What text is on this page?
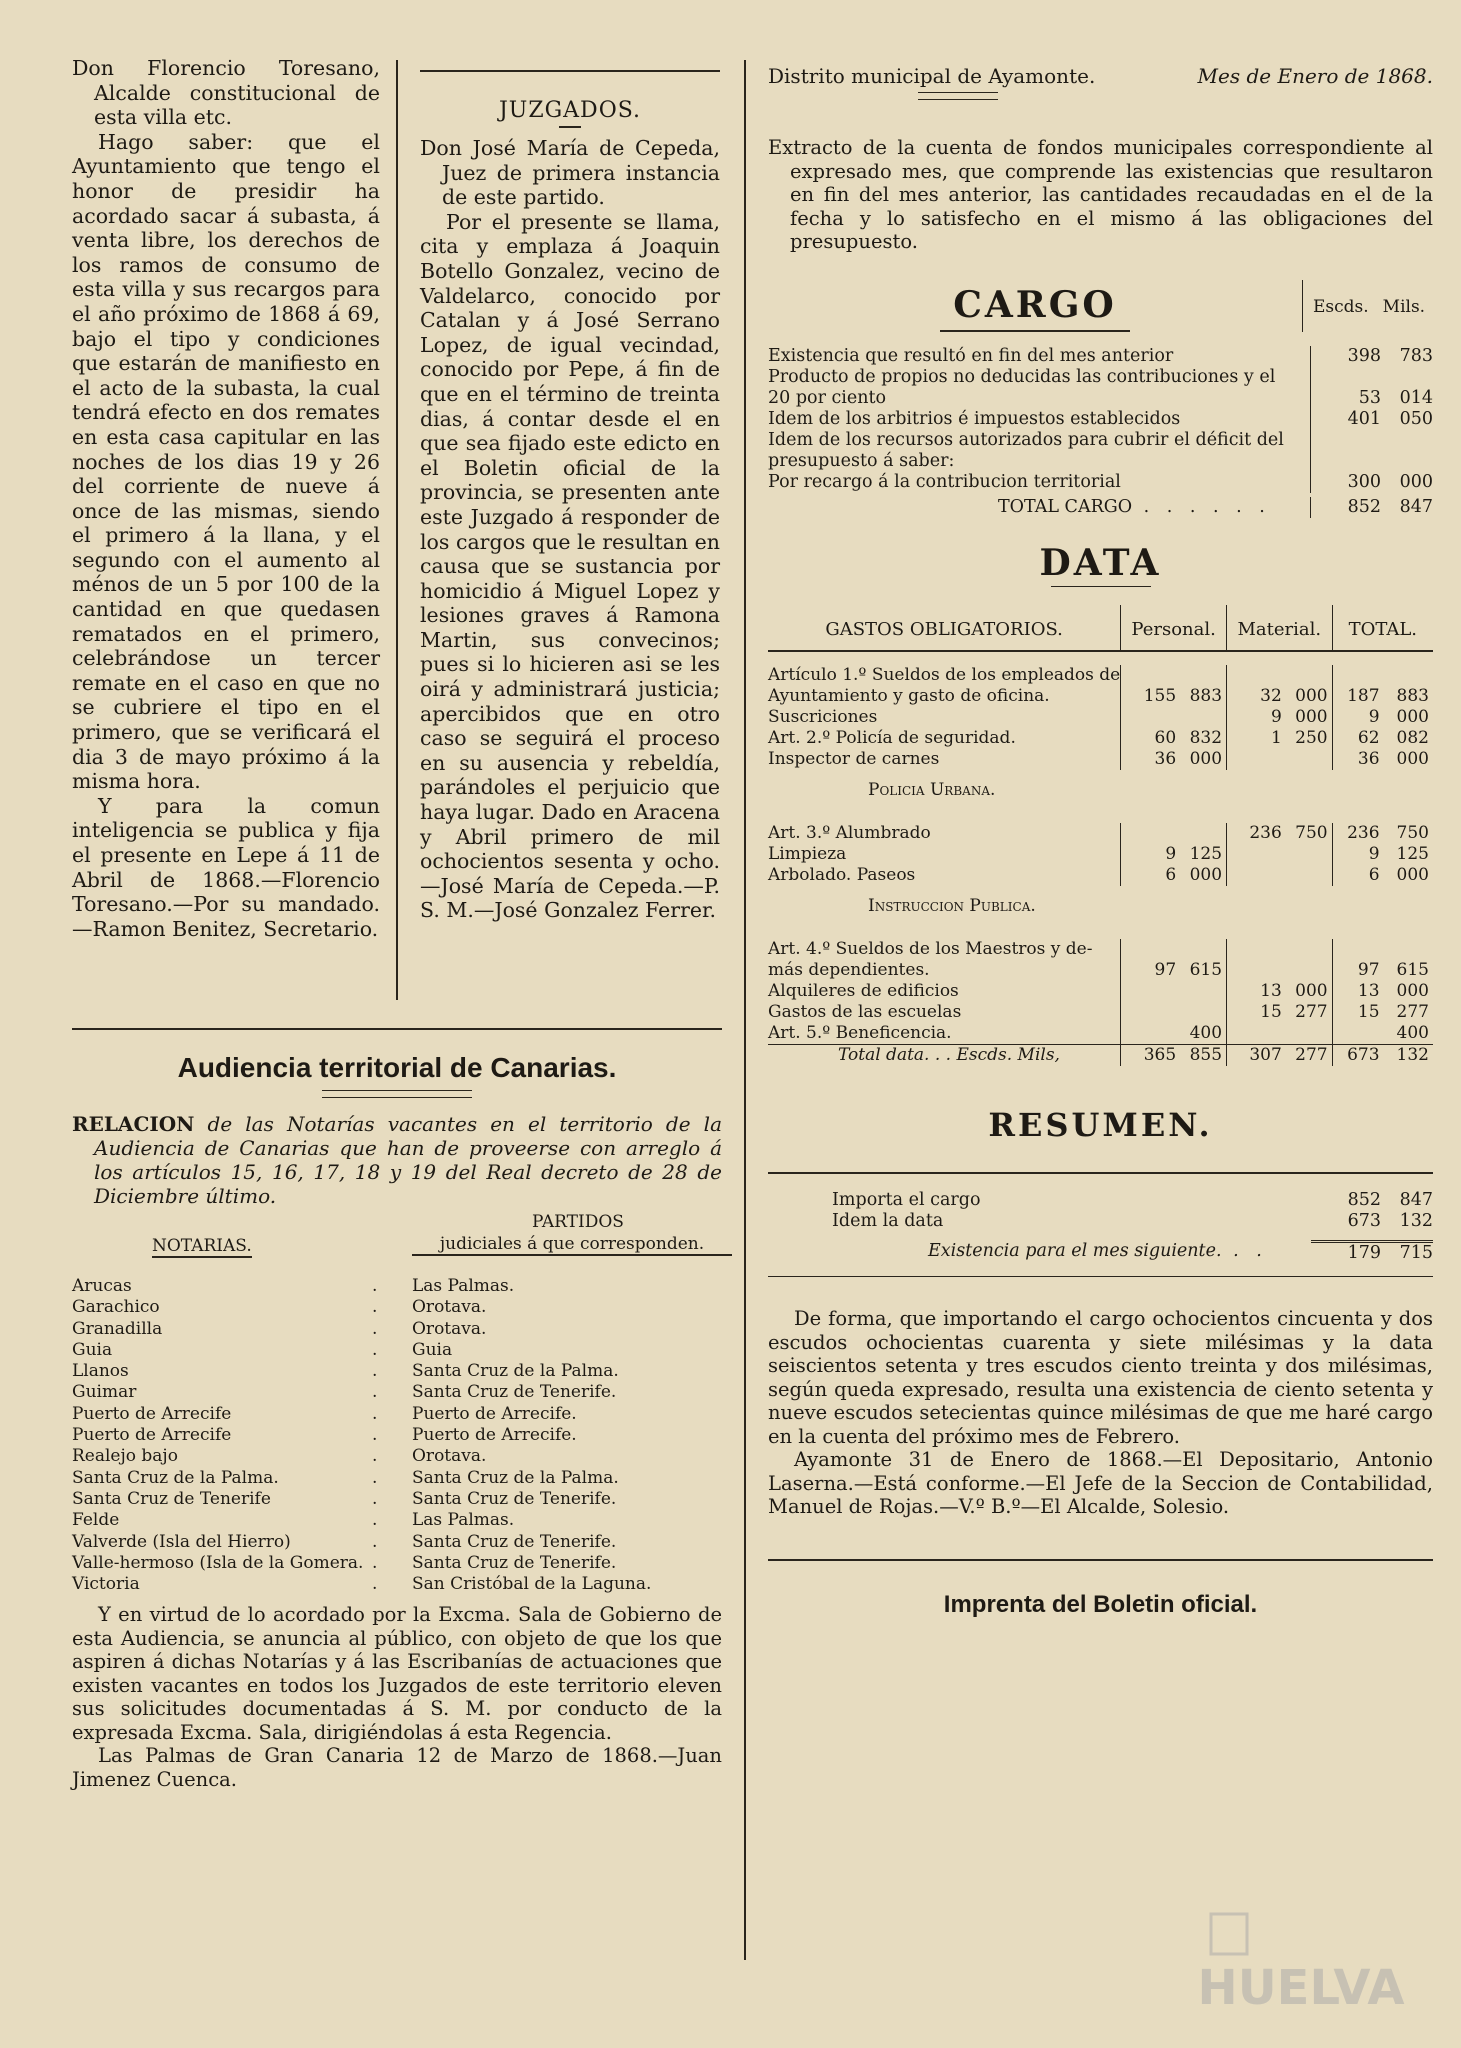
Don Florencio Toresano, Alcalde constitucional de esta villa etc.

Hago saber: que el Ayuntamiento que tengo el honor de presidir ha acordado sacar á subasta, á venta libre, los derechos de los ramos de consumo de esta villa y sus recargos para el año próximo de 1868 á 69, bajo el tipo y condiciones que estarán de manifiesto en el acto de la subasta, la cual tendrá efecto en dos remates en esta casa capitular en las noches de los dias 19 y 26 del corriente de nueve á once de las mismas, siendo el primero á la llana, y el segundo con el aumento al ménos de un 5 por 100 de la cantidad en que quedasen rematados en el primero, celebrándose un tercer remate en el caso en que no se cubriere el tipo en el primero, que se verificará el dia 3 de mayo próximo á la misma hora.

Y para la comun inteligencia se publica y fija el presente en Lepe á 11 de Abril de 1868.—Florencio Toresano.—Por su mandado.—Ramon Benitez, Secretario.

JUZGADOS.

Don José María de Cepeda, Juez de primera instancia de este partido.

Por el presente se llama, cita y emplaza á Joaquin Botello Gonzalez, vecino de Valdelarco, conocido por Catalan y á José Serrano Lopez, de igual vecindad, conocido por Pepe, á fin de que en el término de treinta dias, á contar desde el en que sea fijado este edicto en el Boletin oficial de la provincia, se presenten ante este Juzgado á responder de los cargos que le resultan en causa que se sustancia por homicidio á Miguel Lopez y lesiones graves á Ramona Martin, sus convecinos; pues si lo hicieren asi se les oirá y administrará justicia; apercibidos que en otro caso se seguirá el proceso en su ausencia y rebeldía, parándoles el perjuicio que haya lugar. Dado en Aracena y Abril primero de mil ochocientos sesenta y ocho.—José María de Cepeda.—P. S. M.—José Gonzalez Ferrer.

Audiencia territorial de Canarias.

RELACION de las Notarías vacantes en el territorio de la Audiencia de Canarias que han de proveerse con arreglo á los artículos 15, 16, 17, 18 y 19 del Real decreto de 28 de Diciembre último.

NOTARIAS.
PARTIDOS
judiciales á que corresponden.
Arucas	.	Las Palmas.
Garachico	.	Orotava.
Granadilla	.	Orotava.
Guia	.	Guia
Llanos	.	Santa Cruz de la Palma.
Guimar	.	Santa Cruz de Tenerife.
Puerto de Arrecife	.	Puerto de Arrecife.
Puerto de Arrecife	.	Puerto de Arrecife.
Realejo bajo	.	Orotava.
Santa Cruz de la Palma.	.	Santa Cruz de la Palma.
Santa Cruz de Tenerife	.	Santa Cruz de Tenerife.
Felde	.	Las Palmas.
Valverde (Isla del Hierro)	.	Santa Cruz de Tenerife.
Valle-hermoso (Isla de la Gomera.	.	Santa Cruz de Tenerife.
Victoria	.	San Cristóbal de la Laguna.

Y en virtud de lo acordado por la Excma. Sala de Gobierno de esta Audiencia, se anuncia al público, con objeto de que los que aspiren á dichas Notarías y á las Escribanías de actuaciones que existen vacantes en todos los Juzgados de este territorio eleven sus solicitudes documentadas á S. M. por conducto de la expresada Excma. Sala, dirigiéndolas á esta Regencia.

Las Palmas de Gran Canaria 12 de Marzo de 1868.—Juan Jimenez Cuenca.

Distrito municipal de Ayamonte.	Mes de Enero de 1868.

Extracto de la cuenta de fondos municipales correspondiente al expresado mes, que comprende las existencias que resultaron en fin del mes anterior, las cantidades recaudadas en el de la fecha y lo satisfecho en el mismo á las obligaciones del presupuesto.

CARGO	Escds. Mils.
Existencia que resultó en fin del mes anterior	398	783
Producto de propios no deducidas las contribuciones y el 20 por ciento	53	014
Idem de los arbitrios é impuestos establecidos	401	050
Idem de los recursos autorizados para cubrir el déficit del presupuesto á saber:		
Por recargo á la contribucion territorial	300	000
TOTAL CARGO . . . . . .	852	847
DATA
GASTOS OBLIGATORIOS.	Personal.		Material.		TOTAL.	

Artículo 1.º Sueldos de los empleados de						
Ayuntamiento y gasto de oficina.	155	883	32	000	187	883
Suscriciones			9	000	9	000
Art. 2.º Policía de seguridad.	60	832	1	250	62	082
Inspector de carnes	36	000			36	000
Policia Urbana.						
Art. 3.º Alumbrado			236	750	236	750
Limpieza	9	125			9	125
Arbolado. Paseos	6	000			6	000
Instruccion Publica.						
Art. 4.º Sueldos de los Maestros y de-						
más dependientes.	97	615			97	615
Alquileres de edificios			13	000	13	000
Gastos de las escuelas			15	277	15	277
Art. 5.º Beneficencia.		400				400
Total data. . . Escds. Mils,	365	855	307	277	673	132
RESUMEN.
Importa el cargo	852	847
Idem la data	673	132
Existencia para el mes siguiente. . .	179	715

De forma, que importando el cargo ochocientos cincuenta y dos escudos ochocientas cuarenta y siete milésimas y la data seiscientos setenta y tres escudos ciento treinta y dos milésimas, según queda expresado, resulta una existencia de ciento setenta y nueve escudos setecientas quince milésimas de que me haré cargo en la cuenta del próximo mes de Febrero.

Ayamonte 31 de Enero de 1868.—El Depositario, Antonio Laserna.—Está conforme.—El Jefe de la Seccion de Contabilidad, Manuel de Rojas.—V.º B.º—El Alcalde, Solesio.

Imprenta del Boletin oficial.

HUELVA
